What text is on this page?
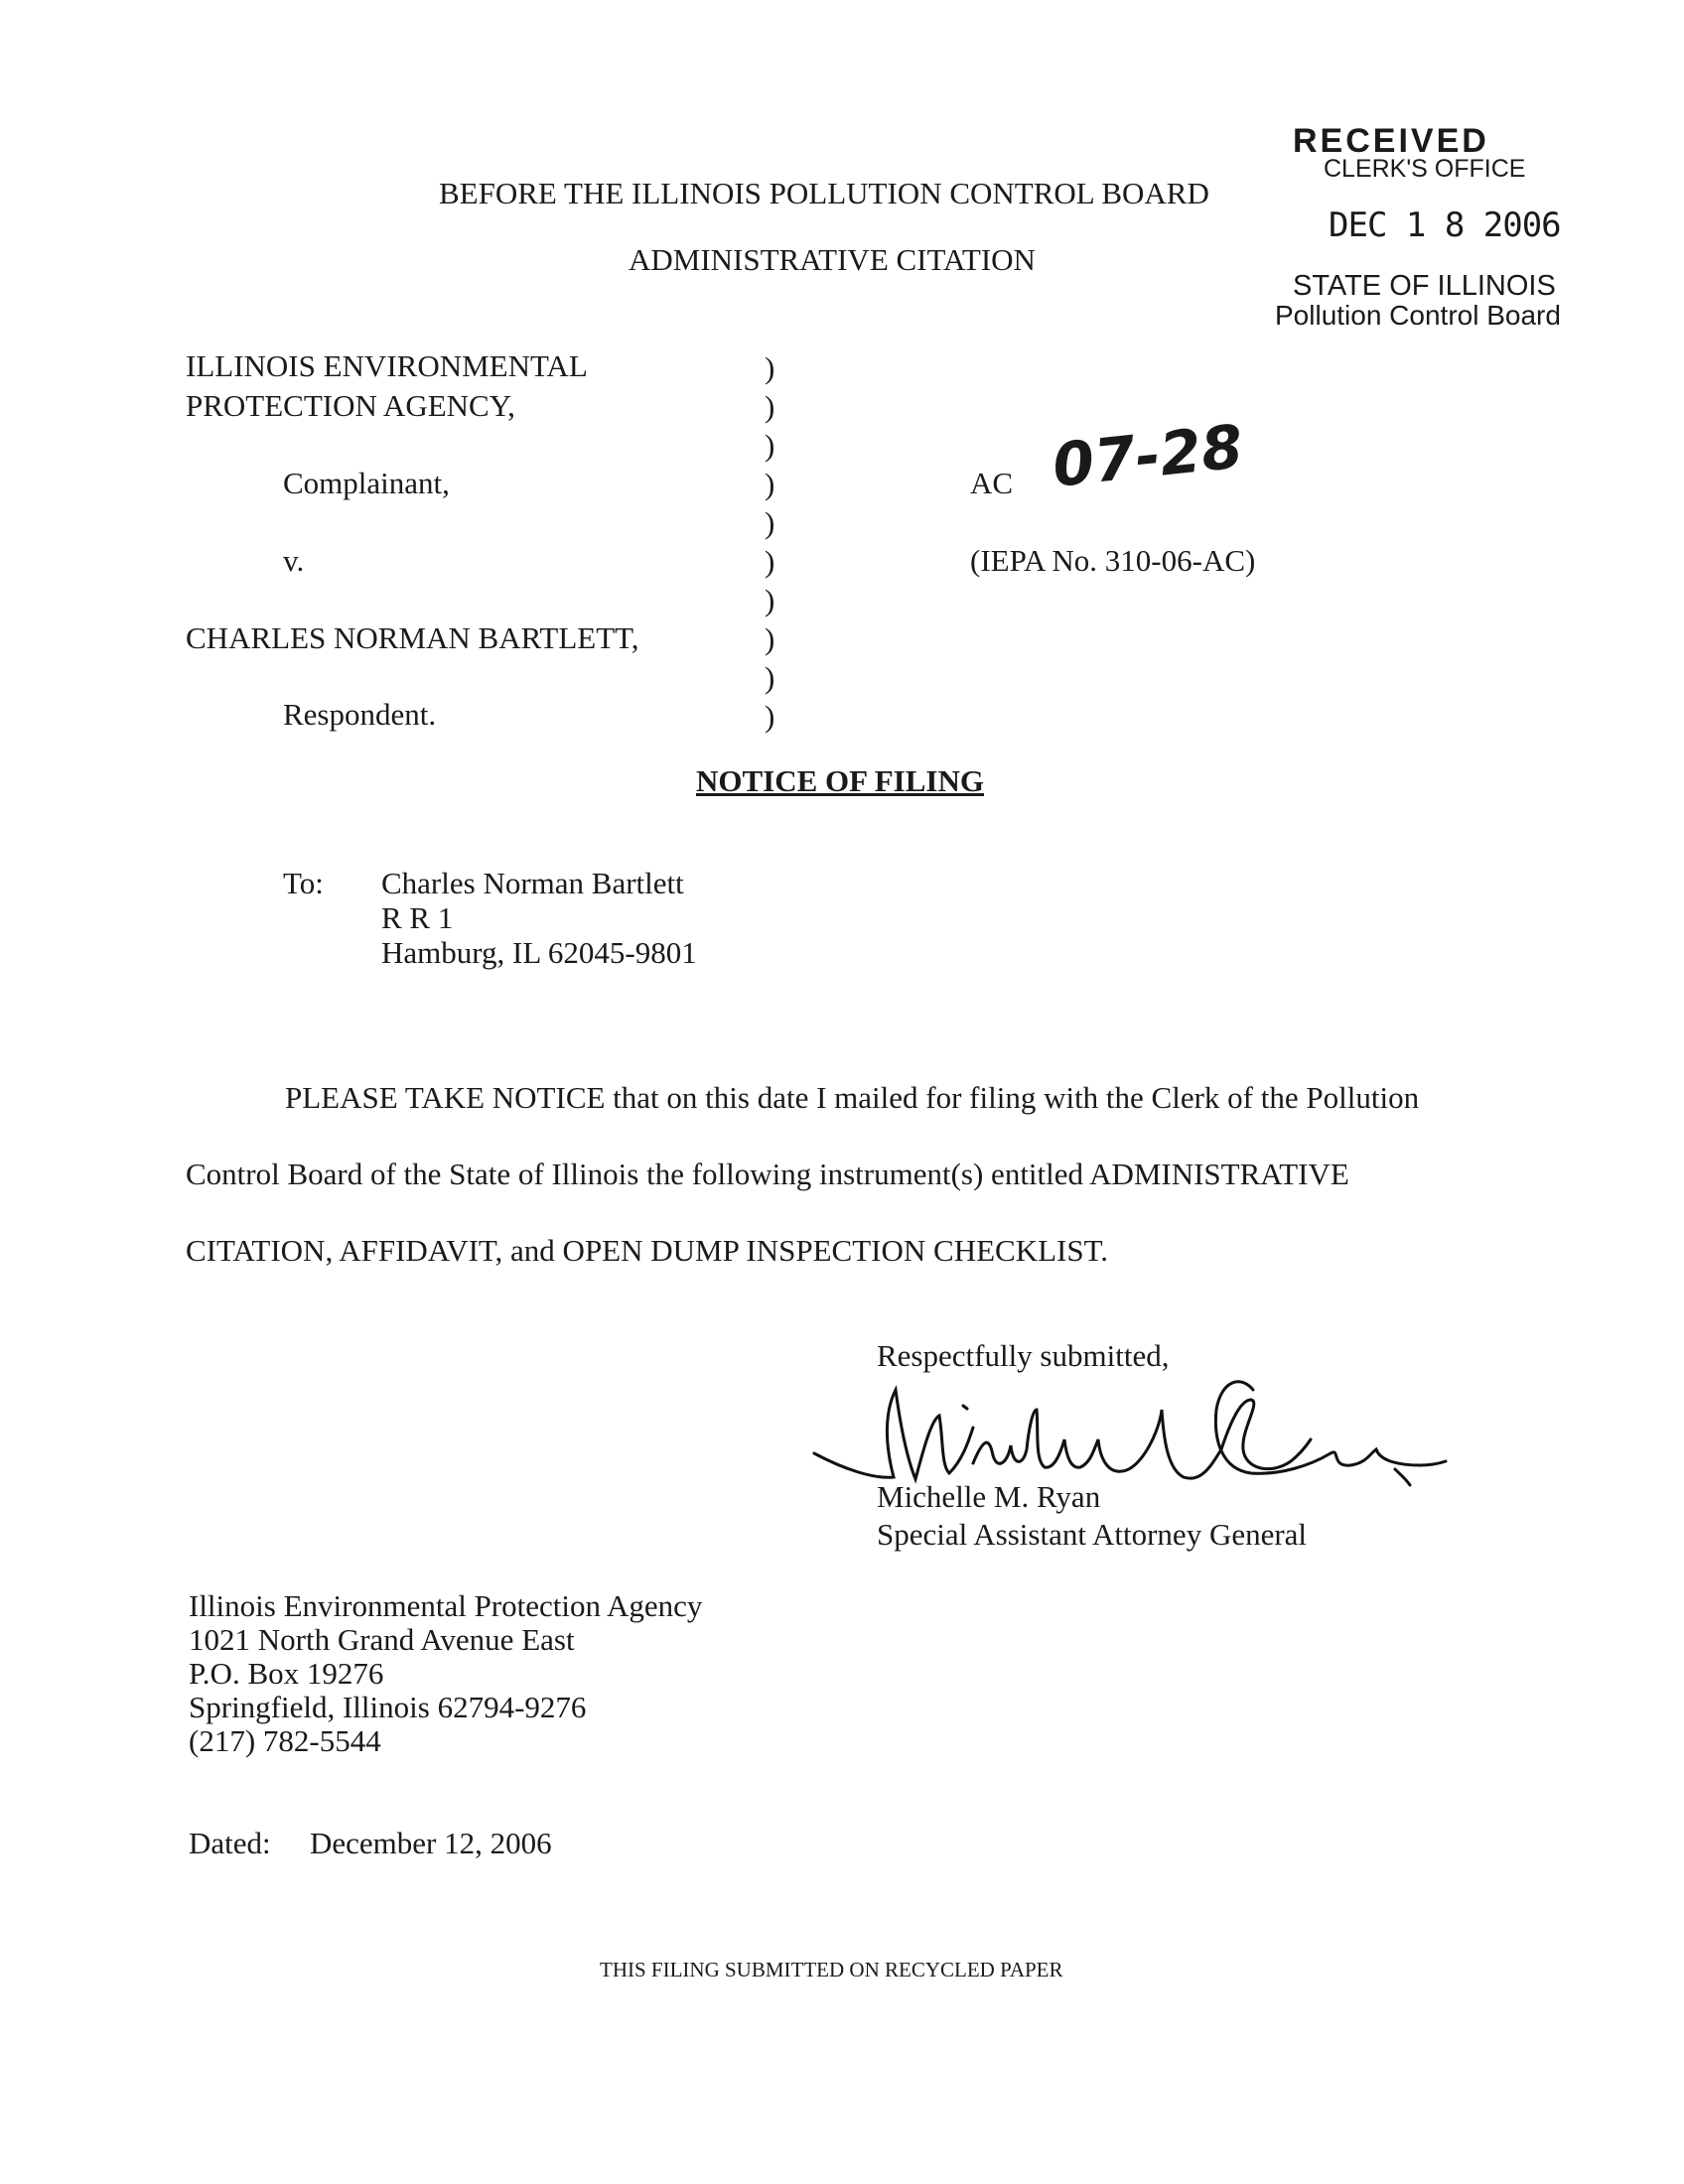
RECEIVED
CLERK'S OFFICE
DEC 1 8 2006
STATE OF ILLINOIS
Pollution Control Board
BEFORE THE ILLINOIS POLLUTION CONTROL BOARD
ADMINISTRATIVE CITATION
ILLINOIS ENVIRONMENTAL
PROTECTION AGENCY,
Complainant,
v.
CHARLES NORMAN BARTLETT,
Respondent.
)
)
)
)
)
)
)
)
)
)
AC 07-28
(IEPA No. 310-06-AC)
NOTICE OF FILING
To: Charles Norman Bartlett
R R 1
Hamburg, IL 62045-9801
PLEASE TAKE NOTICE that on this date I mailed for filing with the Clerk of the Pollution
Control Board of the State of Illinois the following instrument(s) entitled ADMINISTRATIVE
CITATION, AFFIDAVIT, and OPEN DUMP INSPECTION CHECKLIST.
Respectfully submitted,
Michelle M. Ryan
Special Assistant Attorney General
Illinois Environmental Protection Agency
1021 North Grand Avenue East
P.O. Box 19276
Springfield, Illinois 62794-9276
(217) 782-5544
Dated: December 12, 2006
THIS FILING SUBMITTED ON RECYCLED PAPER
